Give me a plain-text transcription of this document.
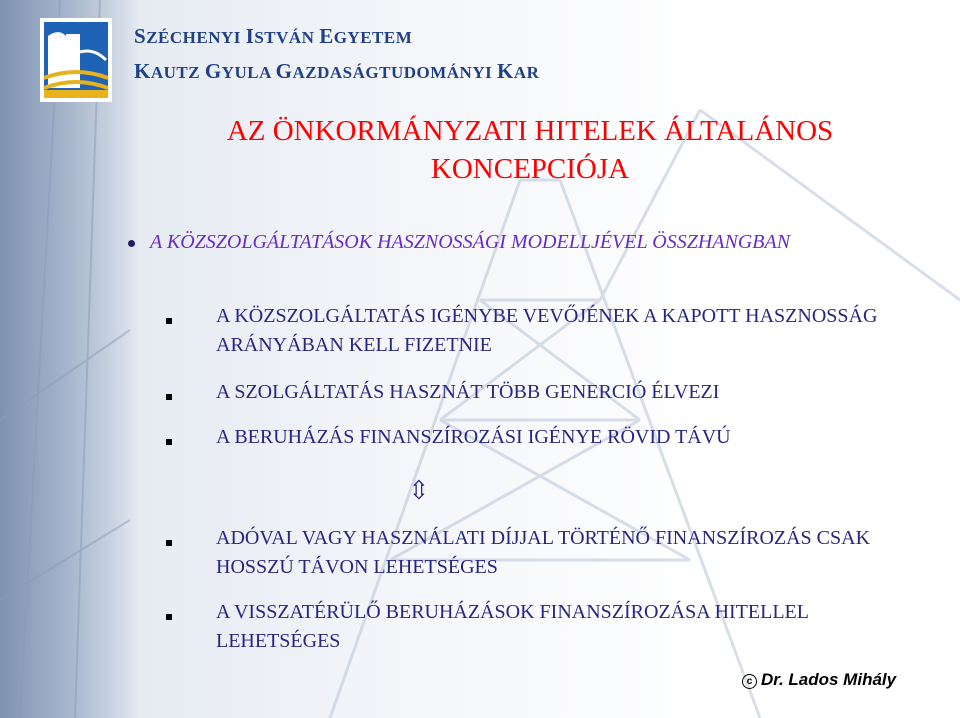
SZÉCHENYI ISTVÁN EGYETEM
KAUTZ GYULA GAZDASÁGTUDOMÁNYI KAR
AZ ÖNKORMÁNYZATI HITELEK ÁLTALÁNOS KONCEPCIÓJA
A KÖZSZOLGÁLTATÁSOK HASZNOSSÁGI MODELLJÉVEL ÖSSZHANGBAN
A KÖZSZOLGÁLTATÁS IGÉNYBE VEVŐJÉNEK A KAPOTT HASZNOSSÁG ARÁNYÁBAN KELL FIZETNIE
A SZOLGÁLTATÁS HASZNÁT TÖBB GENERCIÓ ÉLVEZI
A BERUHÁZÁS FINANSZÍROZÁSI IGÉNYE RÖVID TÁVÚ
⇳
ADÓVAL VAGY HASZNÁLATI DÍJJAL TÖRTÉNŐ FINANSZÍROZÁS CSAK HOSSZÚ TÁVON LEHETSÉGES
A VISSZATÉRÜLŐ BERUHÁZÁSOK FINANSZÍROZÁSA HITELLEL LEHETSÉGES
c Dr. Lados Mihály
